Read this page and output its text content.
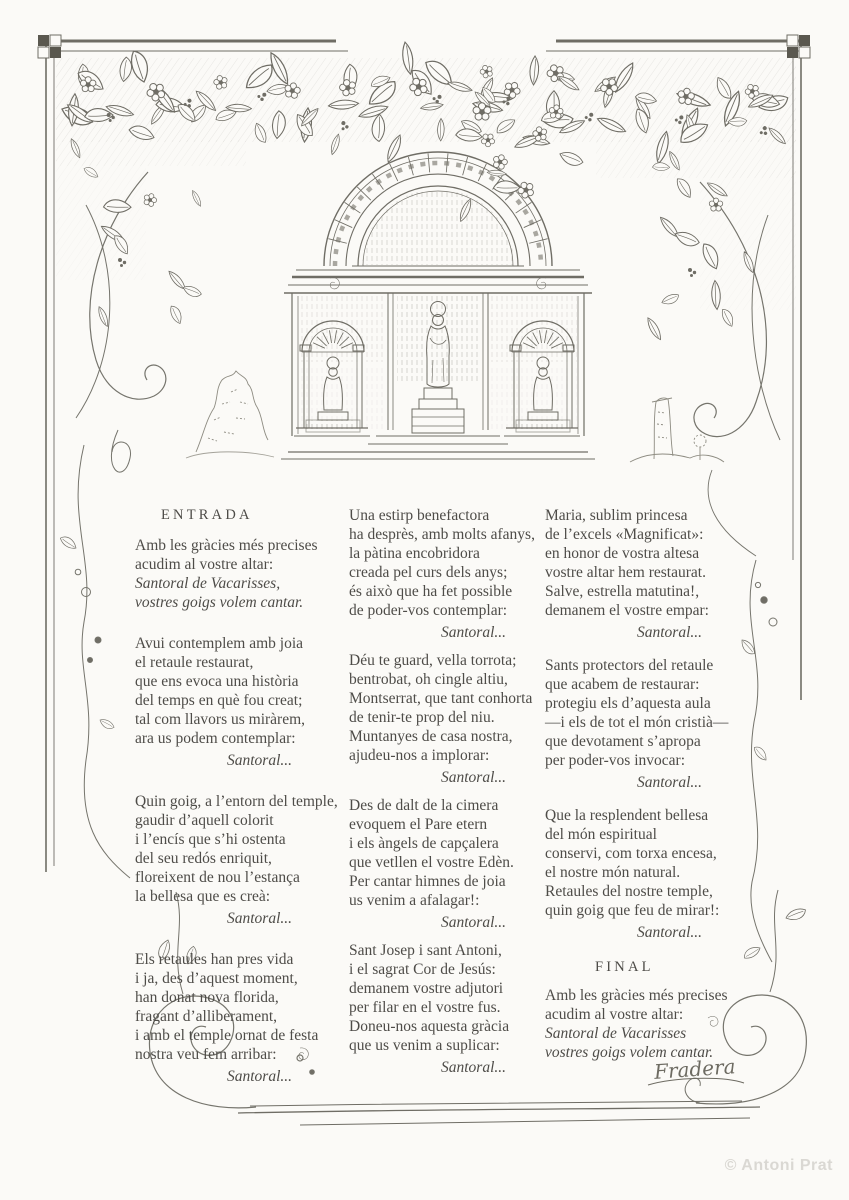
Fradera
ENTRADA
Amb les gràcies més precises
acudim al vostre altar:
Santoral de Vacarisses,
vostres goigs volem cantar.
Avui contemplem amb joia
el retaule restaurat,
que ens evoca una història
del temps en què fou creat;
tal com llavors us miràrem,
ara us podem contemplar:
Santoral...
Quin goig, a l’entorn del temple,
gaudir d’aquell colorit
i l’encís que s’hi ostenta
del seu redós enriquit,
floreixent de nou l’estança
la bellesa que es creà:
Santoral...
Els retaules han pres vida
i ja, des d’aquest moment,
han donat nova florida,
fragant d’alliberament,
i amb el temple ornat de festa
nostra veu fem arribar:
Santoral...
Una estirp benefactora
ha desprès, amb molts afanys,
la pàtina encobridora
creada pel curs dels anys;
és això que ha fet possible
de poder-vos contemplar:
Santoral...
Déu te guard, vella torrota;
bentrobat, oh cingle altiu,
Montserrat, que tant conhorta
de tenir-te prop del niu.
Muntanyes de casa nostra,
ajudeu-nos a implorar:
Santoral...
Des de dalt de la cimera
evoquem el Pare etern
i els àngels de capçalera
que vetllen el vostre Edèn.
Per cantar himnes de joia
us venim a afalagar!:
Santoral...
Sant Josep i sant Antoni,
i el sagrat Cor de Jesús:
demanem vostre adjutori
per filar en el vostre fus.
Doneu-nos aquesta gràcia
que us venim a suplicar:
Santoral...
Maria, sublim princesa
de l’excels «Magnificat»:
en honor de vostra altesa
vostre altar hem restaurat.
Salve, estrella matutina!,
demanem el vostre empar:
Santoral...
Sants protectors del retaule
que acabem de restaurar:
protegiu els d’aquesta aula
—i els de tot el món cristià—
que devotament s’apropa
per poder-vos invocar:
Santoral...
Que la resplendent bellesa
del món espiritual
conservi, com torxa encesa,
el nostre món natural.
Retaules del nostre temple,
quin goig que feu de mirar!:
Santoral...
FINAL
Amb les gràcies més precises
acudim al vostre altar:
Santoral de Vacarisses
vostres goigs volem cantar.
© Antoni Prat
